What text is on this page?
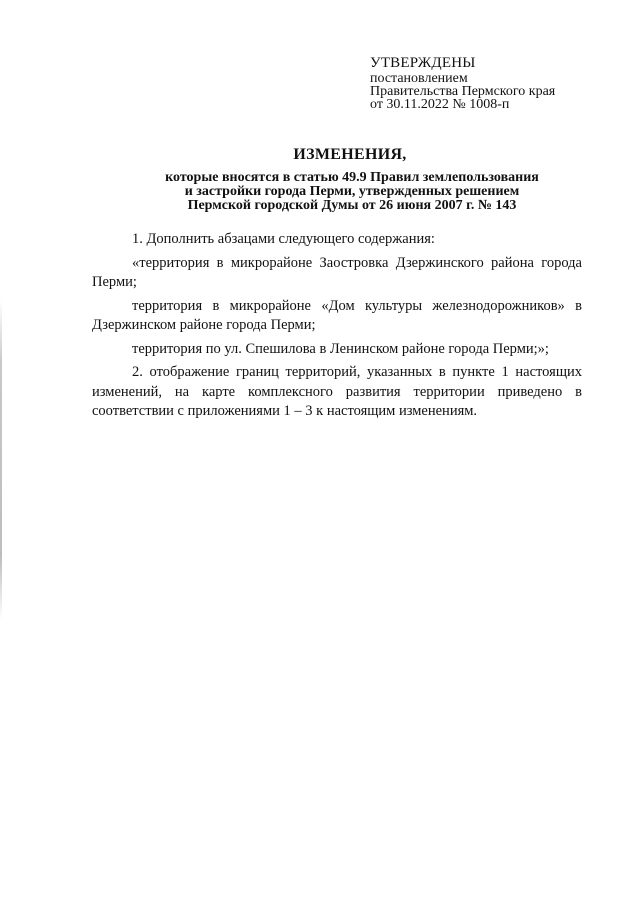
УТВЕРЖДЕНЫ
постановлением
Правительства Пермского края
от 30.11.2022 № 1008-п
ИЗМЕНЕНИЯ,
которые вносятся в статью 49.9 Правил землепользования
и застройки города Перми, утвержденных решением
Пермской городской Думы от 26 июня 2007 г. № 143

1. Дополнить абзацами следующего содержания:

«территория в микрорайоне Заостровка Дзержинского района города Перми;

территория в микрорайоне «Дом культуры железнодорожников» в Дзержинском районе города Перми;

территория по ул. Спешилова в Ленинском районе города Перми;»;

2. отображение границ территорий, указанных в пункте 1 настоящих изменений, на карте комплексного развития территории приведено в соответствии с приложениями 1 – 3 к настоящим изменениям.
